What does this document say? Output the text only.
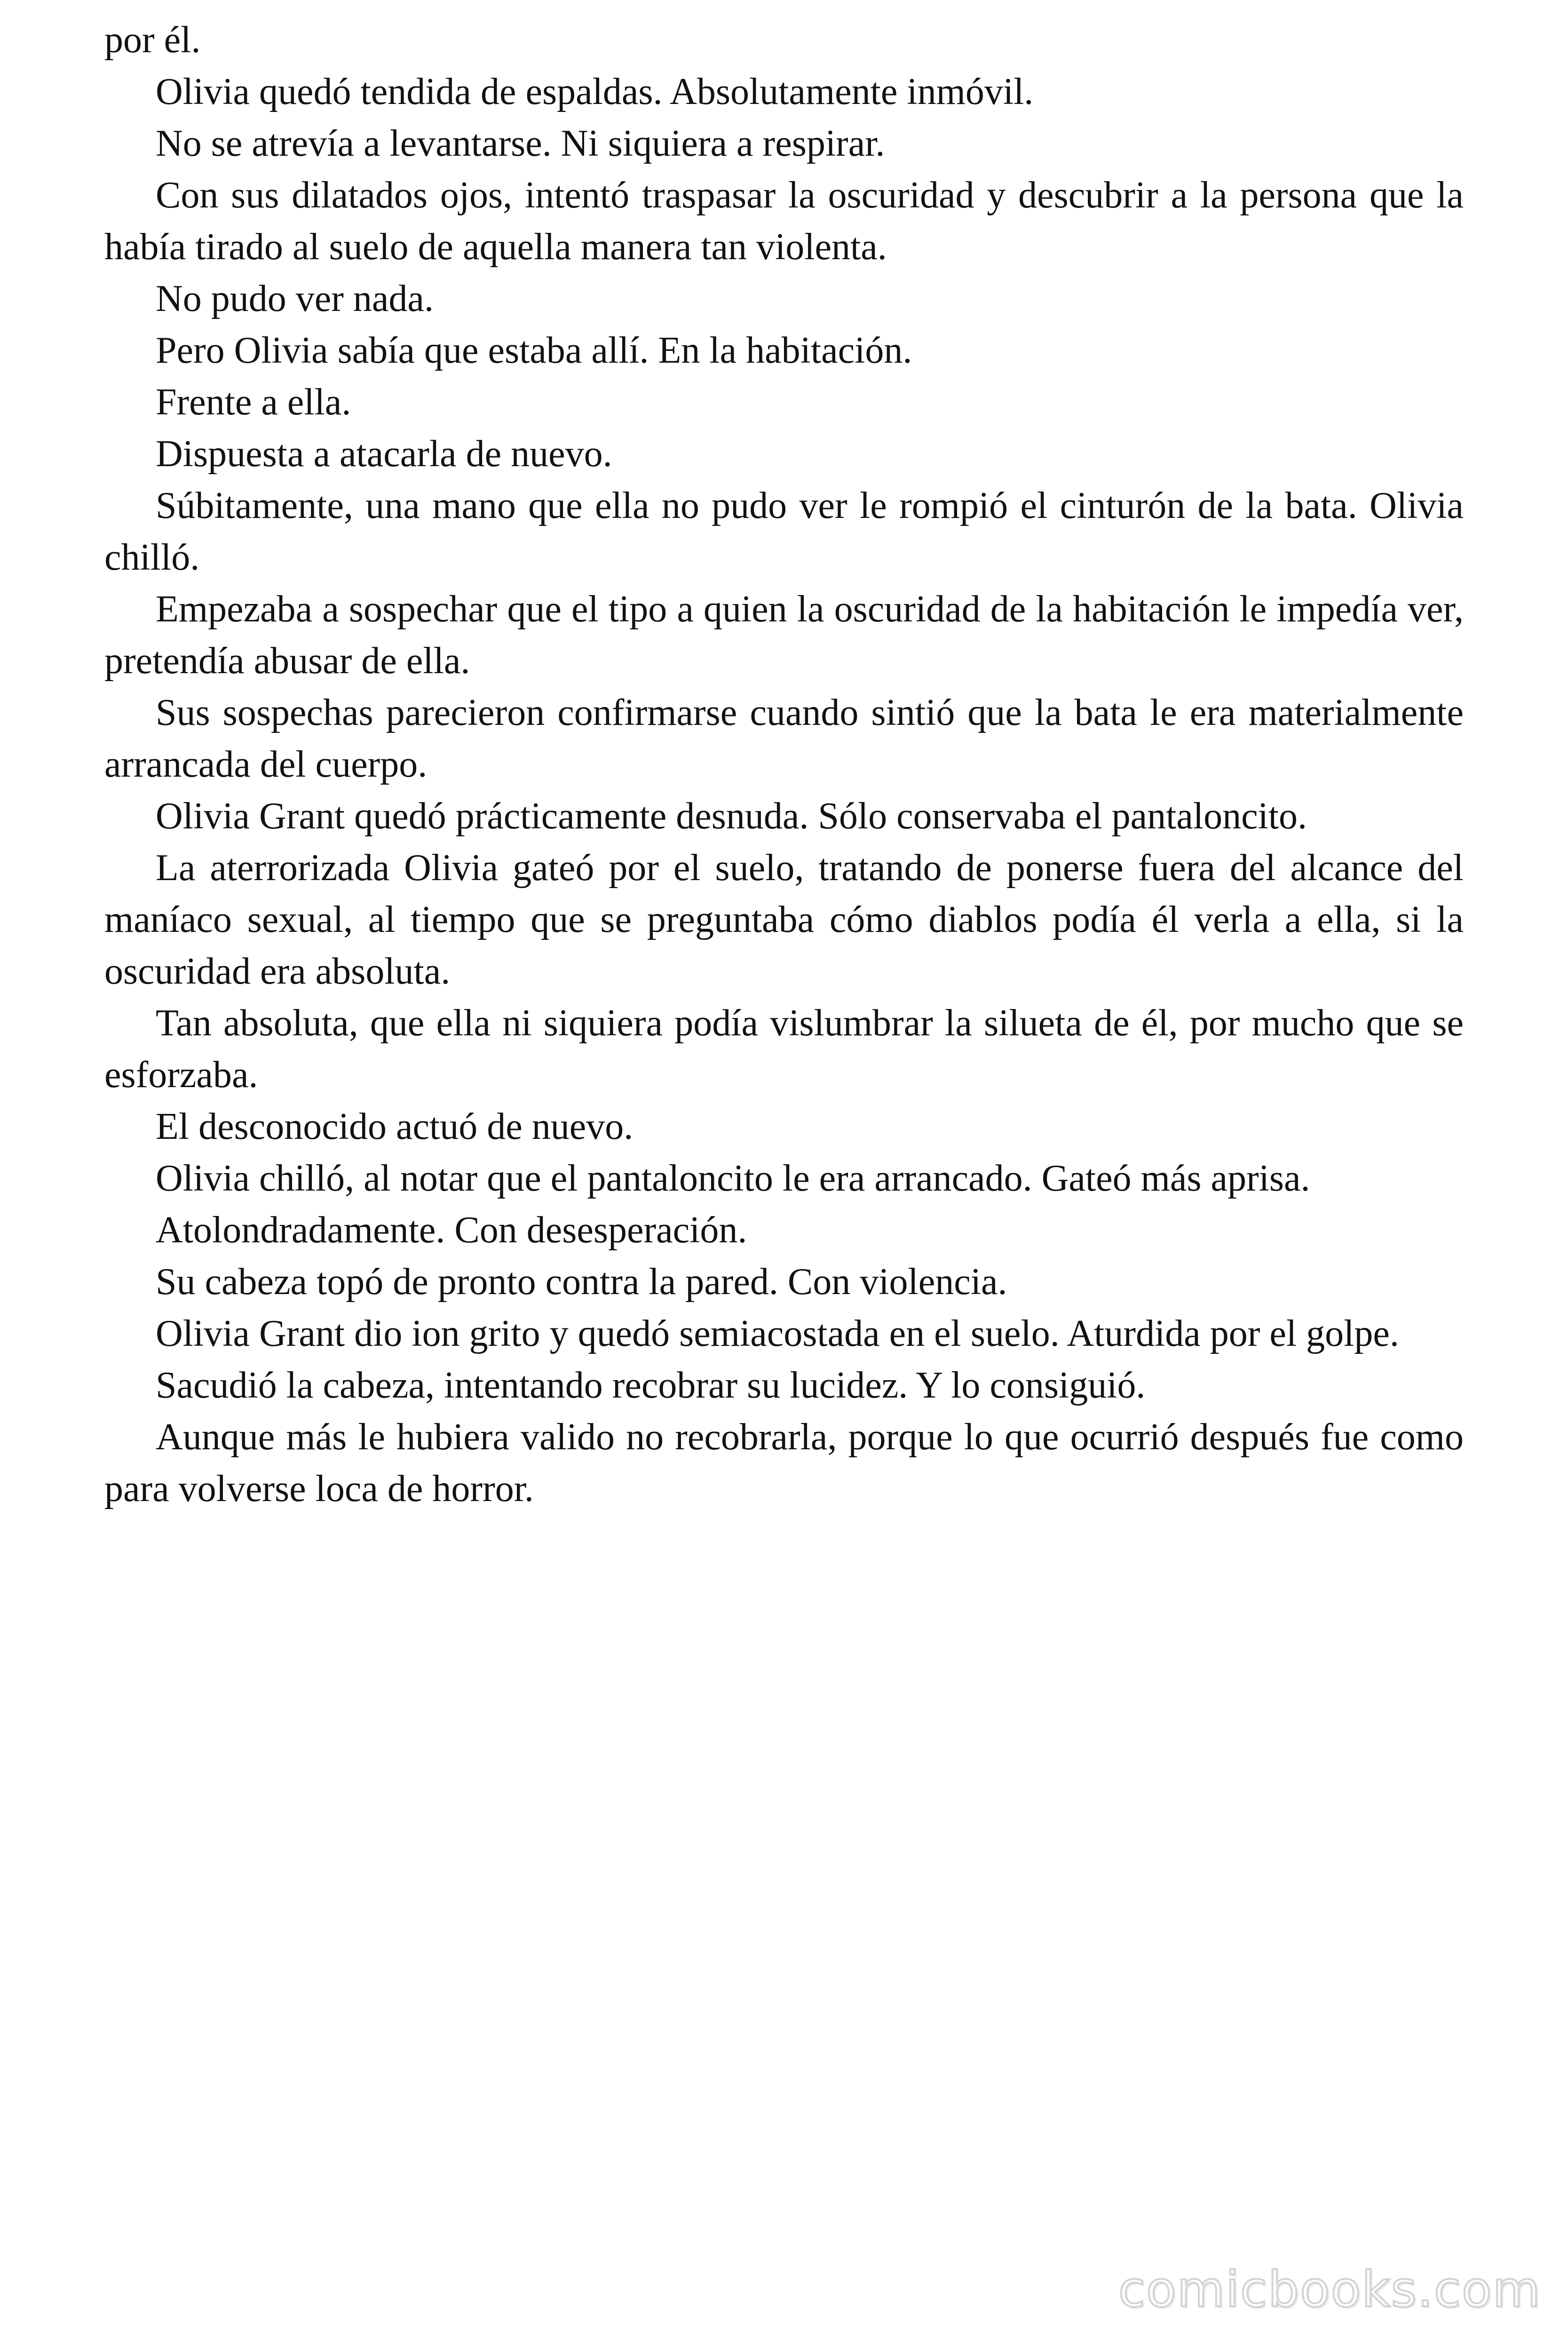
por él.

Olivia quedó tendida de espaldas. Absolutamente inmóvil.

No se atrevía a levantarse. Ni siquiera a respirar.

Con sus dilatados ojos, intentó traspasar la oscuridad y descubrir a la persona que la había tirado al suelo de aquella manera tan violenta.

No pudo ver nada.

Pero Olivia sabía que estaba allí. En la habitación.

Frente a ella.

Dispuesta a atacarla de nuevo.

Súbitamente, una mano que ella no pudo ver le rompió el cinturón de la bata. Olivia chilló.

Empezaba a sospechar que el tipo a quien la oscuridad de la habitación le impedía ver, pretendía abusar de ella.

Sus sospechas parecieron confirmarse cuando sintió que la bata le era materialmente arrancada del cuerpo.

Olivia Grant quedó prácticamente desnuda. Sólo conservaba el pantaloncito.

La aterrorizada Olivia gateó por el suelo, tratando de ponerse fuera del alcance del maníaco sexual, al tiempo que se preguntaba cómo diablos podía él verla a ella, si la oscuridad era absoluta.

Tan absoluta, que ella ni siquiera podía vislumbrar la silueta de él, por mucho que se esforzaba.

El desconocido actuó de nuevo.

Olivia chilló, al notar que el pantaloncito le era arrancado. Gateó más aprisa.

Atolondradamente. Con desesperación.

Su cabeza topó de pronto contra la pared. Con violencia.

Olivia Grant dio ion grito y quedó semiacostada en el suelo. Aturdida por el golpe.

Sacudió la cabeza, intentando recobrar su lucidez. Y lo consiguió.

Aunque más le hubiera valido no recobrarla, porque lo que ocurrió después fue como para volverse loca de horror.

comicbooks.com
